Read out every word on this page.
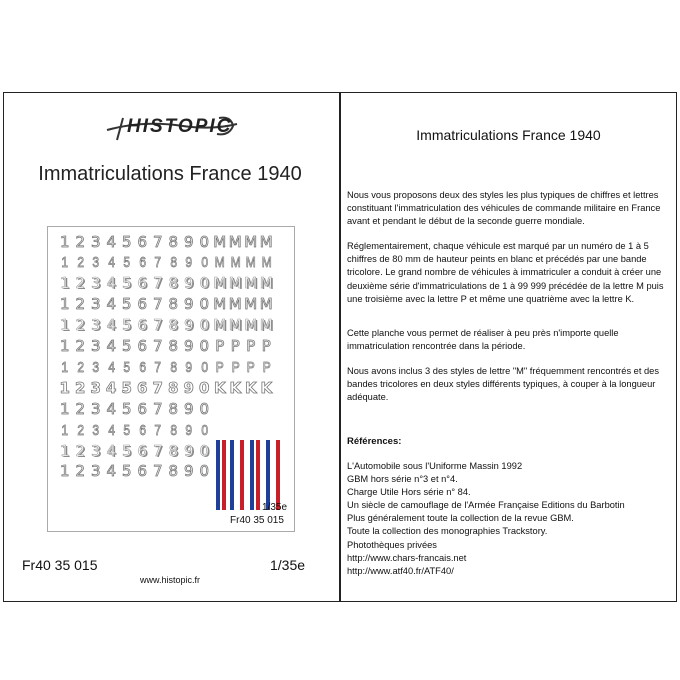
HISTOPIC
Immatriculations France 1940
1 2 3 4 5 6 7 8 9 0 M M M M
1 2 3 4 5 6 7 8 9 0 M M M M
1 2 3 4 5 6 7 8 9 0 M M M M
1 2 3 4 5 6 7 8 9 0 M M M M
1 2 3 4 5 6 7 8 9 0 M M M M
1 2 3 4 5 6 7 8 9 0 P P P P
1 2 3 4 5 6 7 8 9 0 P P P P
1 2 3 4 5 6 7 8 9 0 K K K K
1 2 3 4 5 6 7 8 9 0
1 2 3 4 5 6 7 8 9 0
1 2 3 4 5 6 7 8 9 0
1 2 3 4 5 6 7 8 9 0
1/35e
Fr40 35 015
Fr40 35 015	1/35e
www.histopic.fr
Immatriculations France 1940
Nous vous proposons deux des styles les plus typiques de chiffres et lettres constituant l'immatriculation des véhicules de commande militaire en France avant et pendant le début de la seconde guerre mondiale.
Réglementairement, chaque véhicule est marqué par un numéro de 1 à 5 chiffres de 80 mm de hauteur peints en blanc et précédés par une bande tricolore. Le grand nombre de véhicules à immatriculer a conduit à créer une deuxième série d'immatriculations de 1 à 99 999 précédée de la lettre M puis une troisième avec la lettre P et même une quatrième avec la lettre K.
Cette planche vous permet de réaliser à peu près n'importe quelle immatriculation rencontrée dans la période.
Nous avons inclus 3 des styles de lettre "M" fréquemment rencontrés et des bandes tricolores en deux styles différents typiques, à couper à la longueur adéquate.
Références:
L'Automobile sous l'Uniforme Massin 1992
GBM hors série n°3 et n°4.
Charge Utile Hors série n° 84.
Un siècle de camouflage de l'Armée Française Editions du Barbotin
Plus généralement toute la collection de la revue GBM.
Toute la collection des monographies Trackstory.
Photothèques privées
http://www.chars-francais.net
http://www.atf40.fr/ATF40/
